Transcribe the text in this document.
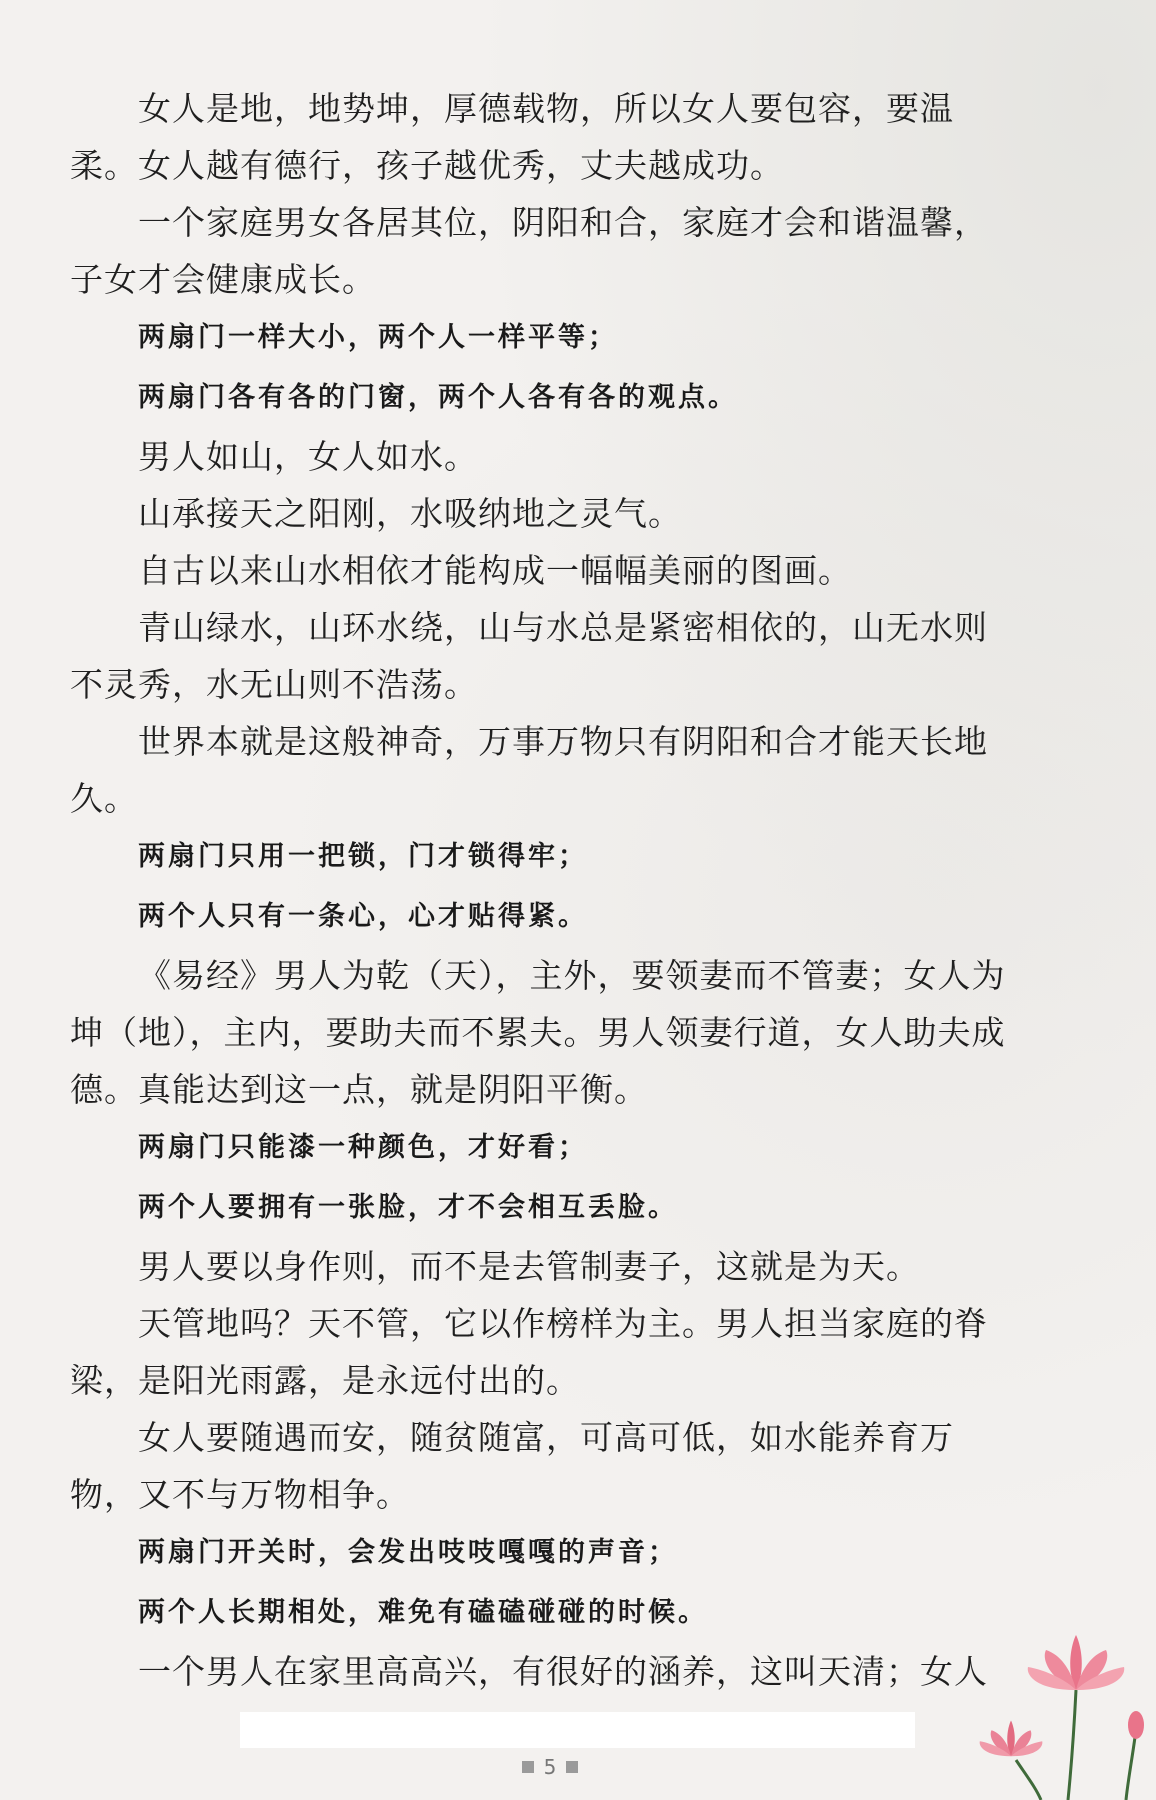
女人是地，地势坤，厚德载物，所以女人要包容，要温柔。女人越有德行，孩子越优秀，丈夫越成功。

一个家庭男女各居其位，阴阳和合，家庭才会和谐温馨，子女才会健康成长。

两扇门一样大小，两个人一样平等；

两扇门各有各的门窗，两个人各有各的观点。

男人如山，女人如水。

山承接天之阳刚，水吸纳地之灵气。

自古以来山水相依才能构成一幅幅美丽的图画。

青山绿水，山环水绕，山与水总是紧密相依的，山无水则不灵秀，水无山则不浩荡。

世界本就是这般神奇，万事万物只有阴阳和合才能天长地久。

两扇门只用一把锁，门才锁得牢；

两个人只有一条心，心才贴得紧。

《易经》男人为乾（天），主外，要领妻而不管妻；女人为坤（地），主内，要助夫而不累夫。男人领妻行道，女人助夫成德。真能达到这一点，就是阴阳平衡。

两扇门只能漆一种颜色，才好看；

两个人要拥有一张脸，才不会相互丢脸。

男人要以身作则，而不是去管制妻子，这就是为天。

天管地吗？天不管，它以作榜样为主。男人担当家庭的脊梁，是阳光雨露，是永远付出的。

女人要随遇而安，随贫随富，可高可低，如水能养育万物，又不与万物相争。

两扇门开关时，会发出吱吱嘎嘎的声音；

两个人长期相处，难免有磕磕碰碰的时候。

一个男人在家里高高兴，有很好的涵养，这叫天清；女人

5
